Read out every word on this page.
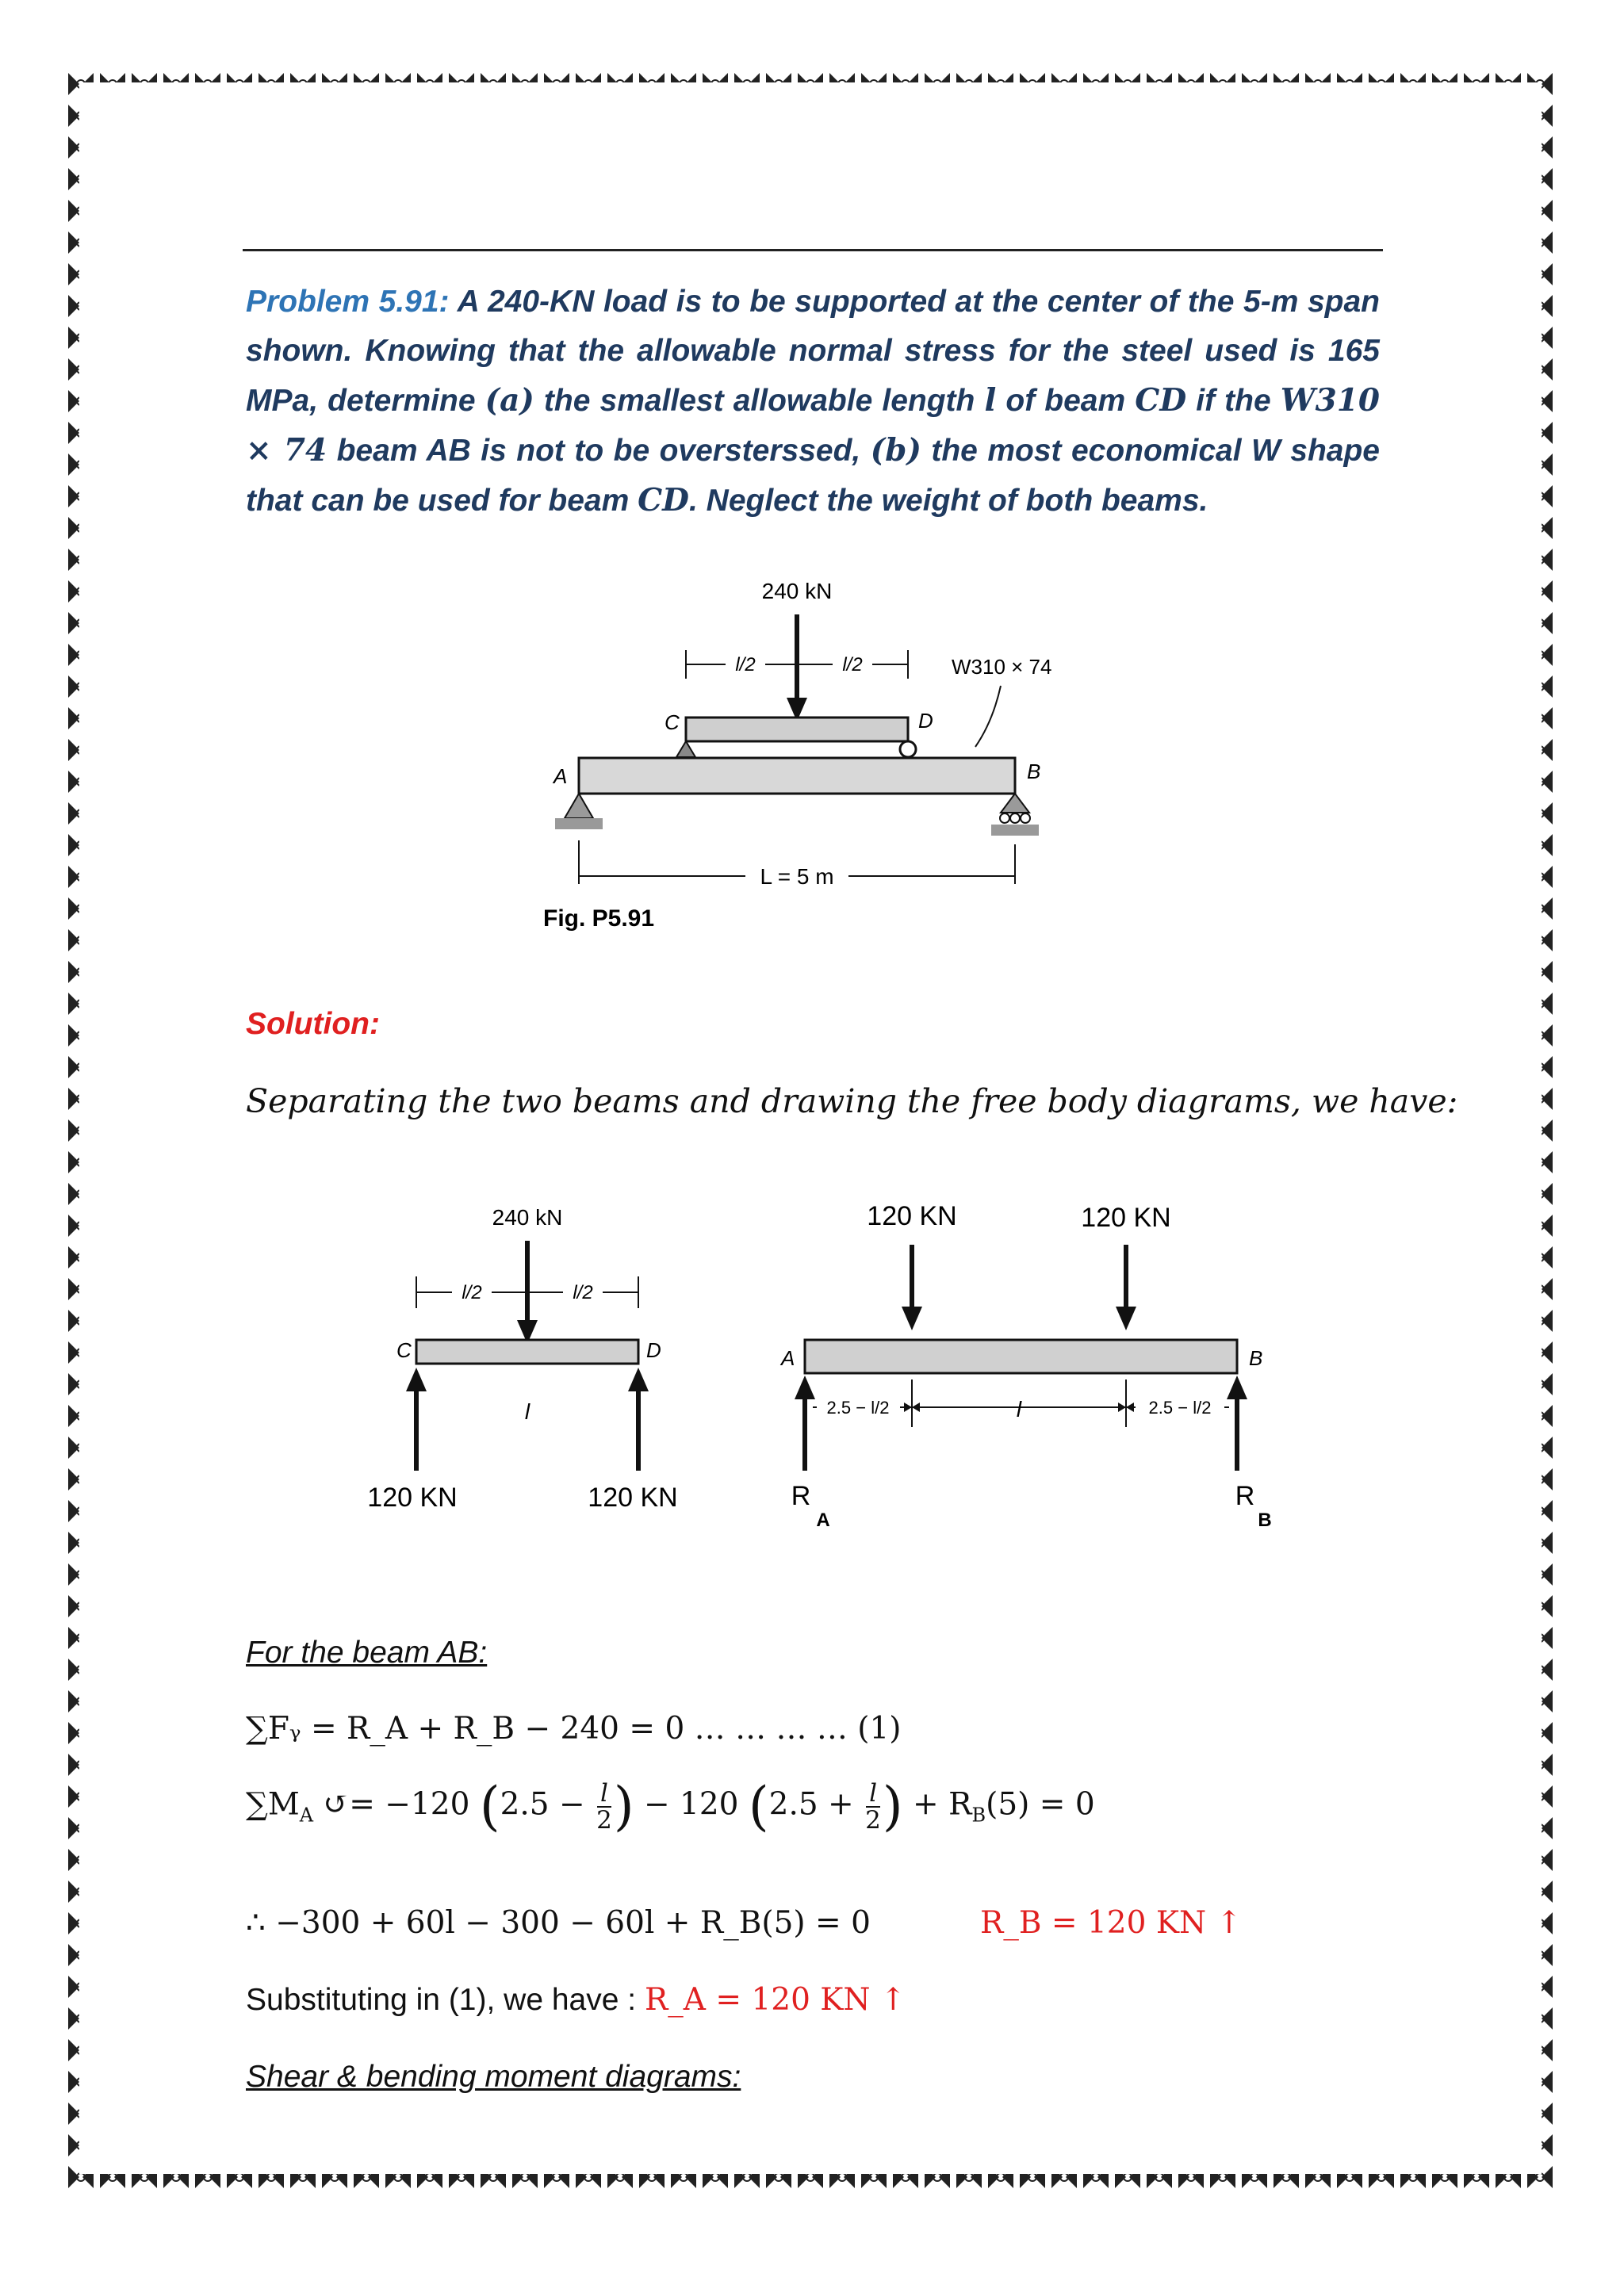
Problem 5.91: A 240-KN load is to be supported at the center of the 5-m span shown. Knowing that the allowable normal stress for the steel used is 165 MPa, determine (a) the smallest allowable length l of beam CD if the W310 × 74 beam AB is not to be oversterssed, (b) the most economical W shape that can be used for beam CD. Neglect the weight of both beams.
240 kN
l/2	l/2	W310 × 74
C	D
A	B
L = 5 m
Fig. P5.91
Solution:
Separating the two beams and drawing the free body diagrams, we have:
240 kN
l/2	l/2
C	D
l
120 KN	120 KN
120 KN	120 KN
A	B
2.5 − l/2	l	2.5 − l/2
R
A
R
B
For the beam AB:
∑Fᵧ = R_A + R_B − 240 = 0 … … … … (1)
$\sum M_A$ ↺= −120 ($2.5 - \frac{l}{2}$ ) − 120 ($2.5 + \frac{l}{2}$ ) + $R_B(5) = 0$
∴ −300 + 60l − 300 − 60l + R_B(5) = 0	R_B = 120 KN ↑
Substituting in (1), we have : R_A = 120 KN ↑
Shear & bending moment diagrams:
